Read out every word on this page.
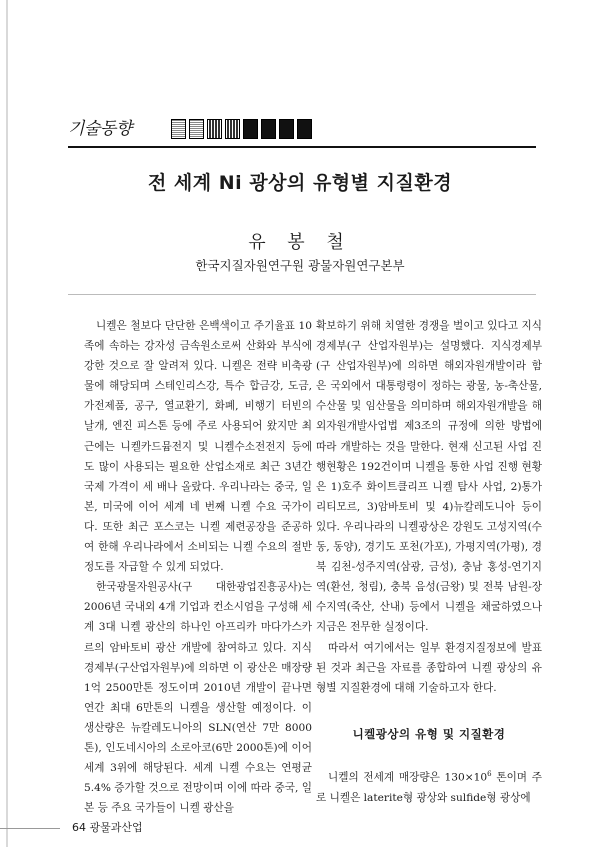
기술동향
전 세계 Ni 광상의 유형별 지질환경
유 봉 철
한국지질자원연구원 광물자원연구본부

니켈은 철보다 단단한 은백색이고 주기율표 10족에 속하는 강자성 금속원소로써 산화와 부식에 강한 것으로 잘 알려져 있다. 니켈은 전략 비축광물에 해당되며 스테인리스강, 특수 합금강, 도금, 가전제품, 공구, 열교환기, 화폐, 비행기 터빈의 날개, 엔진 피스톤 등에 주로 사용되어 왔지만 최근에는 니켈카드뮴전지 및 니켈수소전전지 등에도 많이 사용되는 필요한 산업소재로 최근 3년간 국제 가격이 세 배나 올랐다. 우리나라는 중국, 일본, 미국에 이어 세계 네 번째 니켈 수요 국가이다. 또한 최근 포스코는 니켈 제련공장을 준공하여 한해 우리나라에서 소비되는 니켈 수요의 절반 정도를 자급할 수 있게 되었다.

한국광물자원공사(구 대한광업진흥공사)는 2006년 국내외 4개 기업과 컨소시엄을 구성해 세계 3대 니켈 광산의 하나인 아프리카 마다가스카르의 암바토비 광산 개발에 참여하고 있다. 지식경제부(구산업자원부)에 의하면 이 광산은 매장량 1억 2500만톤 정도이며 2010년 개발이 끝나면 연간 최대 6만톤의 니켈을 생산할 예정이다. 이 생산량은 뉴칼레도니아의 SLN(연산 7만 8000톤), 인도네시아의 소로아코(6만 2000톤)에 이어 세계 3위에 해당된다. 세계 니켈 수요는 연평균 5.4% 증가할 것으로 전망이며 이에 따라 중국, 일본 등 주요 국가들이 니켈 광산을

확보하기 위해 치열한 경쟁을 벌이고 있다고 지식경제부(구 산업자원부)는 설명했다. 지식경제부(구 산업자원부)에 의하면 해외자원개발이라 함은 국외에서 대통령령이 정하는 광물, 농-축산물, 수산물 및 임산물을 의미하며 해외자원개발을 해외자원개발사업법 제3조의 규정에 의한 방법에 따라 개발하는 것을 말한다. 현재 신고된 사업 진행현황은 192건이며 니켈을 통한 사업 진행 현황은 1)호주 화이트클리프 니켈 탐사 사업, 2)통가리티모르, 3)암바토비 및 4)뉴칼레도니아 등이 있다. 우리나라의 니켈광상은 강원도 고성지역(수동, 동양), 경기도 포천(가포), 가평지역(가평), 경북 김천-성주지역(삼광, 금성), 충남 홍성-연기지역(환선, 청림), 충북 음성(금왕) 및 전북 남원-장수지역(죽산, 산내) 등에서 니켈을 채굴하였으나 지금은 전무한 실정이다.

따라서 여기에서는 일부 환경지질정보에 발표된 것과 최근을 자료를 종합하여 니켈 광상의 유형별 지질환경에 대해 기술하고자 한다.

니켈광상의 유형 및 지질환경

니켈의 전세계 매장량은 $130\times 10^6$ 톤이며 주로 니켈은 laterite형 광상와 sulfide형 광상에

64 광물과산업
